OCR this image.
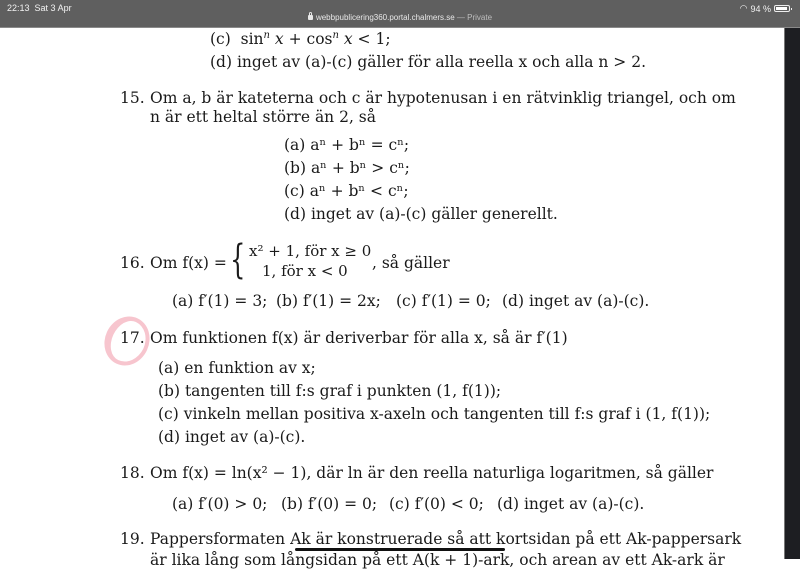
22:13 Sat 3 Apr
webbpublicering360.portal.chalmers.se — Private
◠ 94 %
(c)  $\sin^n x + \cos^n x < 1$;
(d) inget av (a)-(c) gäller för alla reella x och alla n > 2.
15. Om a, b är kateterna och c är hypotenusan i en rätvinklig triangel, och om
n är ett heltal större än 2, så
(a) aⁿ + bⁿ = cⁿ;
(b) aⁿ + bⁿ > cⁿ;
(c) aⁿ + bⁿ < cⁿ;
(d) inget av (a)-(c) gäller generellt.
16. Om f(x) = { x² + 1, för x ≥ 0
1, för x < 0 , så gäller
(a) f′(1) = 3; (b) f′(1) = 2x; (c) f′(1) = 0; (d) inget av (a)-(c).
17. Om funktionen f(x) är deriverbar för alla x, så är f′(1)
(a) en funktion av x;
(b) tangenten till f:s graf i punkten (1, f(1));
(c) vinkeln mellan positiva x-axeln och tangenten till f:s graf i (1, f(1));
(d) inget av (a)-(c).
18. Om f(x) = ln(x² − 1), där ln är den reella naturliga logaritmen, så gäller
(a) f′(0) > 0; (b) f′(0) = 0; (c) f′(0) < 0; (d) inget av (a)-(c).
19. Pappersformaten Ak är konstruerade så att kortsidan på ett Ak-pappersark
är lika lång som långsidan på ett A(k + 1)-ark, och arean av ett Ak-ark är
